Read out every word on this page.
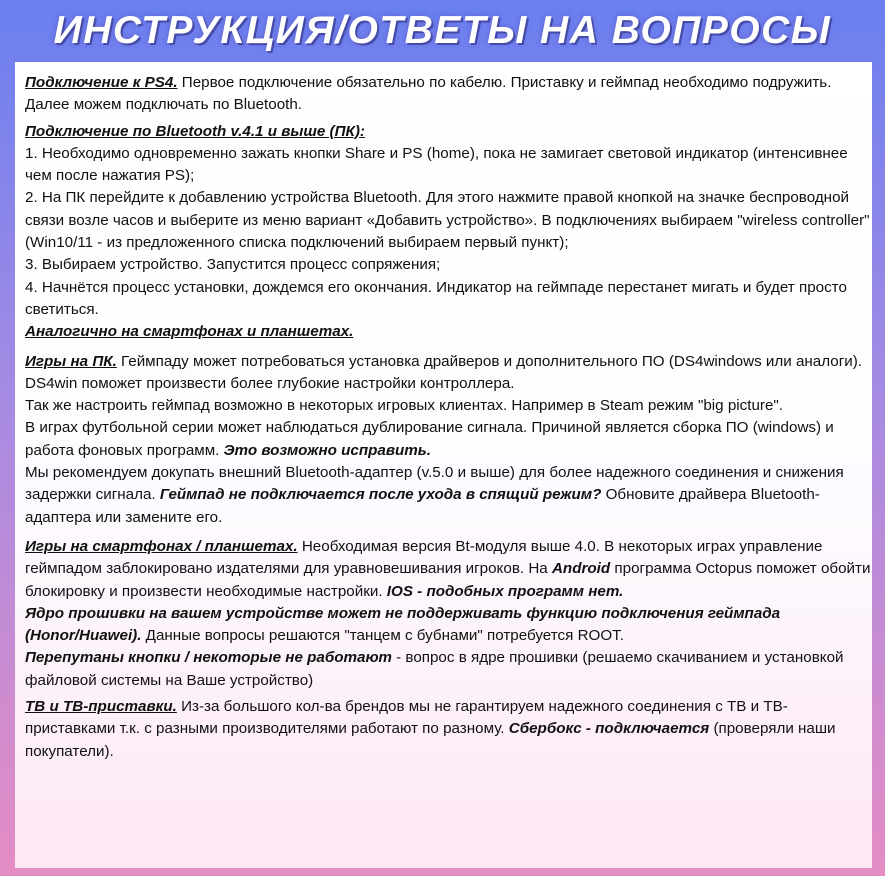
ИНСТРУКЦИЯ/ОТВЕТЫ НА ВОПРОСЫ

Подключение к PS4. Первое подключение обязательно по кабелю. Приставку и геймпад необходимо подружить. Далее можем подключать по Bluetooth.

Подключение по Bluetooth v.4.1 и выше (ПК):

1. Необходимо одновременно зажать кнопки Share и PS (home), пока не замигает световой индикатор (интенсивнее чем после нажатия PS);

2. На ПК перейдите к добавлению устройства Bluetooth. Для этого нажмите правой кнопкой на значке беспроводной связи возле часов и выберите из меню вариант «Добавить устройство». В подключениях выбираем "wireless controller" (Win10/11 - из предложенного списка подключений выбираем первый пункт);

3. Выбираем устройство. Запустится процесс сопряжения;

4. Начнётся процесс установки, дождемся его окончания. Индикатор на геймпаде перестанет мигать и будет просто светиться.

Аналогично на смартфонах и планшетах.

Игры на ПК. Геймпаду может потребоваться установка драйверов и дополнительного ПО (DS4windows или аналоги). DS4win поможет произвести более глубокие настройки контроллера.

Так же настроить геймпад возможно в некоторых игровых клиентах. Например в Steam режим "big picture".

В играх футбольной серии может наблюдаться дублирование сигнала. Причиной является сборка ПО (windows) и работа фоновых программ. Это возможно исправить.

Мы рекомендуем докупать внешний Bluetooth-адаптер (v.5.0 и выше) для более надежного соединения и снижения задержки сигнала. Геймпад не подключается после ухода в спящий режим? Обновите драйвера Bluetooth-адаптера или замените его.

Игры на смартфонах / планшетах. Необходимая версия Bt-модуля выше 4.0. В некоторых играх управление геймпадом заблокировано издателями для уравновешивания игроков. На Android программа Octopus поможет обойти блокировку и произвести необходимые настройки. IOS - подобных программ нет.

Ядро прошивки на вашем устройстве может не поддерживать функцию подключения геймпада (Honor/Huawei). Данные вопросы решаются "танцем с бубнами" потребуется ROOT.

Перепутаны кнопки / некоторые не работают - вопрос в ядре прошивки (решаемо скачиванием и установкой файловой системы на Ваше устройство)

ТВ и ТВ-приставки. Из-за большого кол-ва брендов мы не гарантируем надежного соединения с ТВ и ТВ-приставками т.к. с разными производителями работают по разному. Сбербокс - подключается (проверяли наши покупатели).
